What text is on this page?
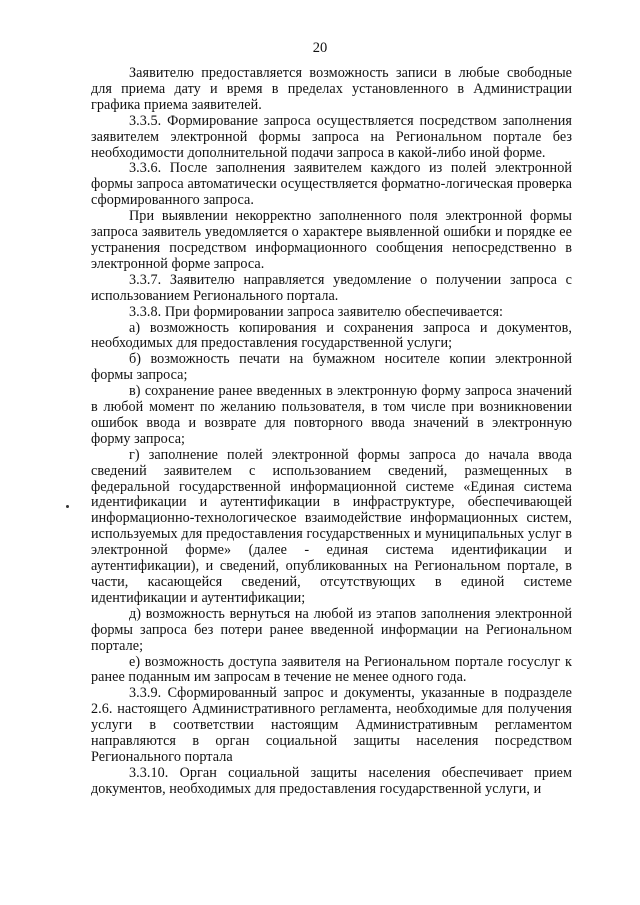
20

Заявителю предоставляется возможность записи в любые свободные для приема дату и время в пределах установленного в Администрации графика приема заявителей.

3.3.5. Формирование запроса осуществляется посредством заполнения заявителем электронной формы запроса на Региональном портале без необходимости дополнительной подачи запроса в какой-либо иной форме.

3.3.6. После заполнения заявителем каждого из полей электронной формы запроса автоматически осуществляется форматно-логическая проверка сформированного запроса.

При выявлении некорректно заполненного поля электронной формы запроса заявитель уведомляется о характере выявленной ошибки и порядке ее устранения посредством информационного сообщения непосредственно в электронной форме запроса.

3.3.7. Заявителю направляется уведомление о получении запроса с использованием Регионального портала.

3.3.8. При формировании запроса заявителю обеспечивается:

а) возможность копирования и сохранения запроса и документов, необходимых для предоставления государственной услуги;

б) возможность печати на бумажном носителе копии электронной формы запроса;

в) сохранение ранее введенных в электронную форму запроса значений в любой момент по желанию пользователя, в том числе при возникновении ошибок ввода и возврате для повторного ввода значений в электронную форму запроса;

г) заполнение полей электронной формы запроса до начала ввода сведений заявителем с использованием сведений, размещенных в федеральной государственной информационной системе «Единая система идентификации и аутентификации в инфраструктуре, обеспечивающей информационно-технологическое взаимодействие информационных систем, используемых для предоставления государственных и муниципальных услуг в электронной форме» (далее - единая система идентификации и аутентификации), и сведений, опубликованных на Региональном портале, в части, касающейся сведений, отсутствующих в единой системе идентификации и аутентификации;

д) возможность вернуться на любой из этапов заполнения электронной формы запроса без потери ранее введенной информации на Региональном портале;

е) возможность доступа заявителя на Региональном портале госуслуг к ранее поданным им запросам в течение не менее одного года.

3.3.9. Сформированный запрос и документы, указанные в подразделе 2.6. настоящего Административного регламента, необходимые для получения услуги в соответствии настоящим Административным регламентом направляются в орган социальной защиты населения посредством Регионального портала

3.3.10. Орган социальной защиты населения обеспечивает прием документов, необходимых для предоставления государственной услуги, и
